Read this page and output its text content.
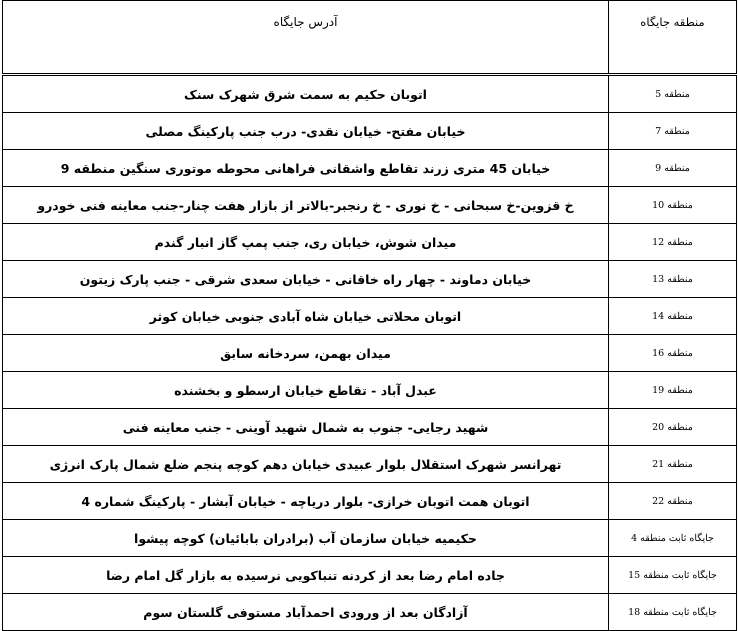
آدرس جایگاه	منطقه جایگاه
اتوبان حکیم به سمت شرق شهرک سنک	منطقه 5
خیابان مفتح- خیابان نقدی- درب جنب پارکینگ مصلی	منطقه 7
خیابان 45 متری زرند تقاطع واشقانی فراهانی محوطه موتوری سنگین منطقه 9	منطقه 9
خ قزوین-خ سبحانی - خ نوری - خ رنجبر-بالاتر از بازار هفت چنار-جنب معاینه فنی خودرو	منطقه 10
میدان شوش، خیابان ری، جنب پمپ گاز انبار گندم	منطقه 12
خیابان دماوند - چهار راه خاقانی - خیابان سعدی شرقی - جنب پارک زیتون	منطقه 13
اتوبان محلاتی خیابان شاه آبادی جنوبی خیابان کوثر	منطقه 14
میدان بهمن، سردخانه سابق	منطقه 16
عبدل آباد - تقاطع خیابان ارسطو و بخشنده	منطقه 19
شهید رجایی- جنوب به شمال شهید آوینی - جنب معاینه فنی	منطقه 20
تهرانسر شهرک استقلال بلوار عبیدی خیابان دهم کوچه پنجم ضلع شمال پارک انرژی	منطقه 21
اتوبان همت اتوبان خرازی- بلوار دریاچه - خیابان آبشار - پارکینگ شماره 4	منطقه 22
حکیمیه خیابان سازمان آب (برادران بابائیان) کوچه پیشوا	جایگاه ثابت منطقه 4
جاده امام رضا بعد از کردنه تنباکویی نرسیده به بازار گل امام رضا	جایگاه ثابت منطقه 15
آزادگان بعد از ورودی احمدآباد مستوفی گلستان سوم	جایگاه ثابت منطقه 18
